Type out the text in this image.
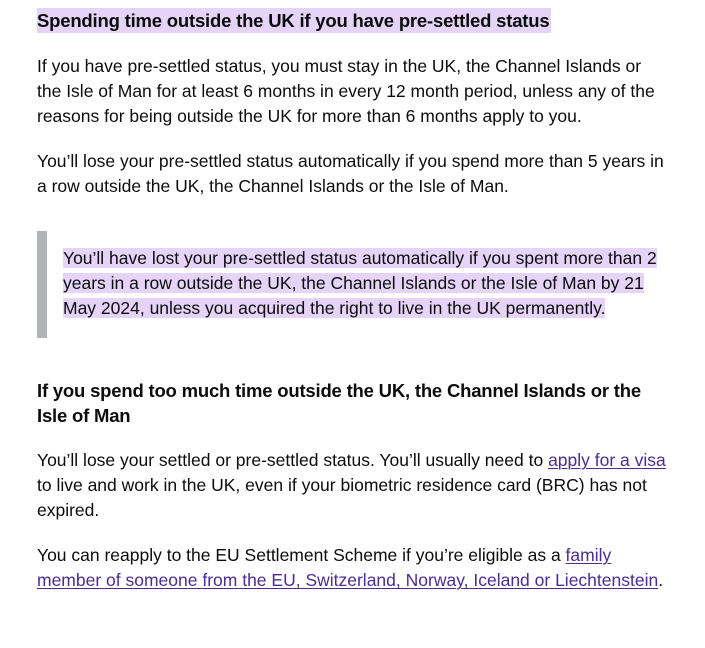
Spending time outside the UK if you have pre-settled status

If you have pre-settled status, you must stay in the UK, the Channel Islands or the Isle of Man for at least 6 months in every 12 month period, unless any of the reasons for being outside the UK for more than 6 months apply to you.

You’ll lose your pre-settled status automatically if you spend more than 5 years in a row outside the UK, the Channel Islands or the Isle of Man.

You’ll have lost your pre-settled status automatically if you spent more than 2 years in a row outside the UK, the Channel Islands or the Isle of Man by 21 May 2024, unless you acquired the right to live in the UK permanently.

If you spend too much time outside the UK, the Channel Islands or the Isle of Man

You’ll lose your settled or pre-settled status. You’ll usually need to apply for a visa to live and work in the UK, even if your biometric residence card (BRC) has not expired.

You can reapply to the EU Settlement Scheme if you’re eligible as a family member of someone from the EU, Switzerland, Norway, Iceland or Liechtenstein.
